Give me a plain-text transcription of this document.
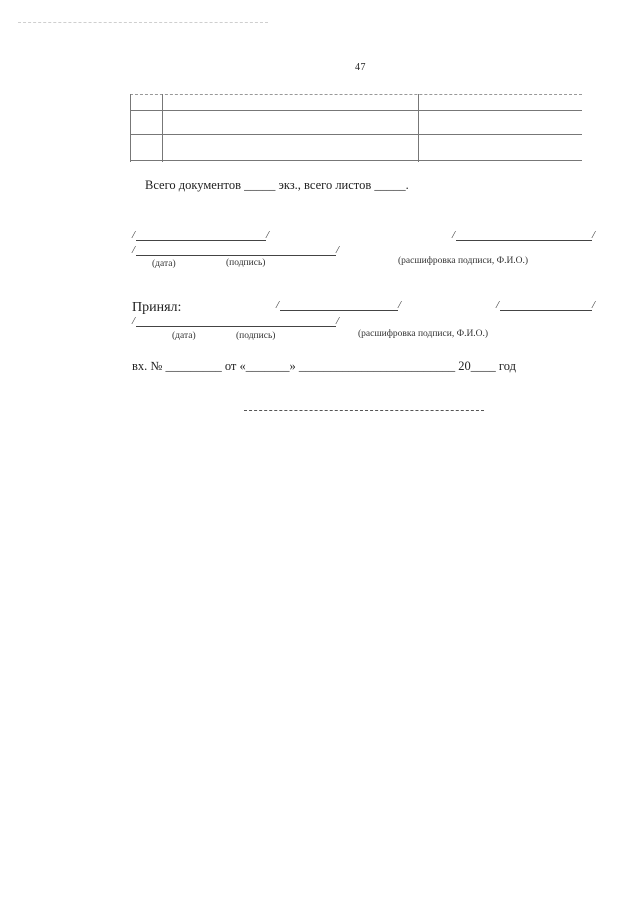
47
Всего документов _____ экз., всего листов _____.
/	/	/	/
/	/
(дата)	(подпись)	(расшифровка подписи, Ф.И.О.)
Принял:	/	/	/	/
/	/
(дата)	(подпись)	(расшифровка подписи, Ф.И.О.)
вх. № _________ от «_______» _________________________ 20____ год
